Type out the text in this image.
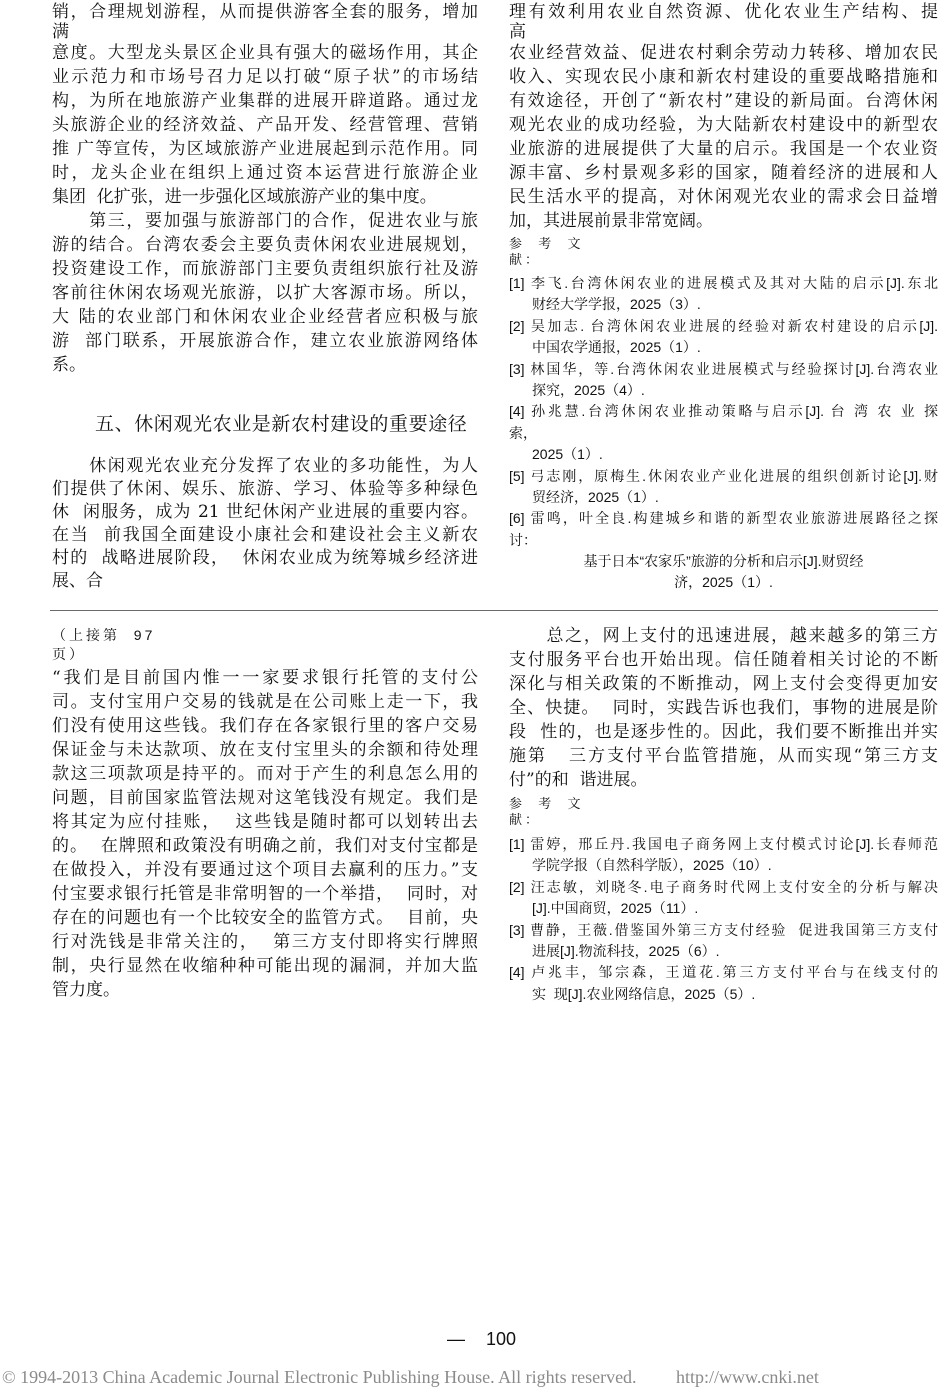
销，合理规划游程，从而提供游客全套的服务，增加
满
意度。大型龙头景区企业具有强大的磁场作用，其企
业示范力和市场号召力足以打破“原子状”的市场结
构，为所在地旅游产业集群的进展开辟道路。通过龙
头旅游企业的经济效益、产品开发、经营管理、营销
推 广等宣传，为区域旅游产业进展起到示范作用。同
时，龙头企业在组织上通过资本运营进行旅游企业
集团  化扩张，进一步强化区域旅游产业的集中度。
　　第三，要加强与旅游部门的合作，促进农业与旅
游的结合。台湾农委会主要负责休闲农业进展规划，
投资建设工作，而旅游部门主要负责组织旅行社及游
客前往休闲农场观光旅游，以扩大客源市场。所以，
大 陆的农业部门和休闲农业企业经营者应积极与旅
游  部门联系，开展旅游合作，建立农业旅游网络体
系。
五、休闲观光农业是新农村建设的重要途径
　　休闲观光农业充分发挥了农业的多功能性，为人
们提供了休闲、娱乐、旅游、学习、体验等多种绿色
休  闲服务，成为 21 世纪休闲产业进展的重要内容。
在当  前我国全面建设小康社会和建设社会主义新农
村的  战略进展阶段，  休闲农业成为统筹城乡经济进
展、合
理有效利用农业自然资源、优化农业生产结构、提
高
农业经营效益、促进农村剩余劳动力转移、增加农民
收入、实现农民小康和新农村建设的重要战略措施和
有效途径，开创了“新农村”建设的新局面。台湾休闲
观光农业的成功经验，为大陆新农村建设中的新型农
业旅游的进展提供了大量的启示。我国是一个农业资
源丰富、乡村景观多彩的国家，随着经济的进展和人
民生活水平的提高，对休闲观光农业的需求会日益增
加，其进展前景非常宽阔。
参  考  文
献：
[1] 李飞.台湾休闲农业的进展模式及其对大陆的启示[J].东北
财经大学学报，2025（3）.
[2] 吴加志. 台湾休闲农业进展的经验对新农村建设的启示[J].
中国农学通报，2025（1）.
[3] 林国华，等.台湾休闲农业进展模式与经验探讨[J].台湾农业
探究，2025（4）.
[4] 孙兆慧.台湾休闲农业推动策略与启示[J]. 台 湾 农 业 探
索，
2025（1）.
[5] 弓志刚，原梅生.休闲农业产业化进展的组织创新讨论[J].财
贸经济，2025（1）.
[6] 雷鸣，叶全良.构建城乡和谐的新型农业旅游进展路径之探
讨：
基于日本“农家乐”旅游的分析和启示[J].财贸经
济，2025（1）.
（上接第  97
页）
“我们是目前国内惟一一家要求银行托管的支付公
司。支付宝用户交易的钱就是在公司账上走一下，我
们没有使用这些钱。我们存在各家银行里的客户交易
保证金与未达款项、放在支付宝里头的余额和待处理
款这三项款项是持平的。而对于产生的利息怎么用的
问题，目前国家监管法规对这笔钱没有规定。我们是
将其定为应付挂账，  这些钱是随时都可以划转出去
的。  在牌照和政策没有明确之前，我们对支付宝都是
在做投入，并没有要通过这个项目去赢利的压力。”支
付宝要求银行托管是非常明智的一个举措，  同时，对
存在的问题也有一个比较安全的监管方式。  目前，央
行对洗钱是非常关注的，  第三方支付即将实行牌照
制，央行显然在收缩种种可能出现的漏洞，并加大监
管力度。
　　总之，网上支付的迅速进展，越来越多的第三方
支付服务平台也开始出现。信任随着相关讨论的不断
深化与相关政策的不断推动，网上支付会变得更加安
全、快捷。  同时，实践告诉也我们，事物的进展是阶
段  性的，也是逐步性的。因此，我们要不断推出并实
施第   三方支付平台监管措施，从而实现“第三方支
付”的和  谐进展。
参  考  文
献：
[1] 雷婷，邢丘丹.我国电子商务网上支付模式讨论[J].长春师范
学院学报（自然科学版），2025（10）.
[2] 汪志敏，刘晓冬.电子商务时代网上支付安全的分析与解决
[J].中国商贸，2025（11）.
[3] 曹静，王薇.借鉴国外第三方支付经验  促进我国第三方支付
进展[J].物流科技，2025（6）.
[4] 卢兆丰，邹宗森，王道花.第三方支付平台与在线支付的
实  现[J].农业网络信息，2025（5）.
— 100
© 1994-2013 China Academic Journal Electronic Publishing House. All rights reserved. http://www.cnki.net
